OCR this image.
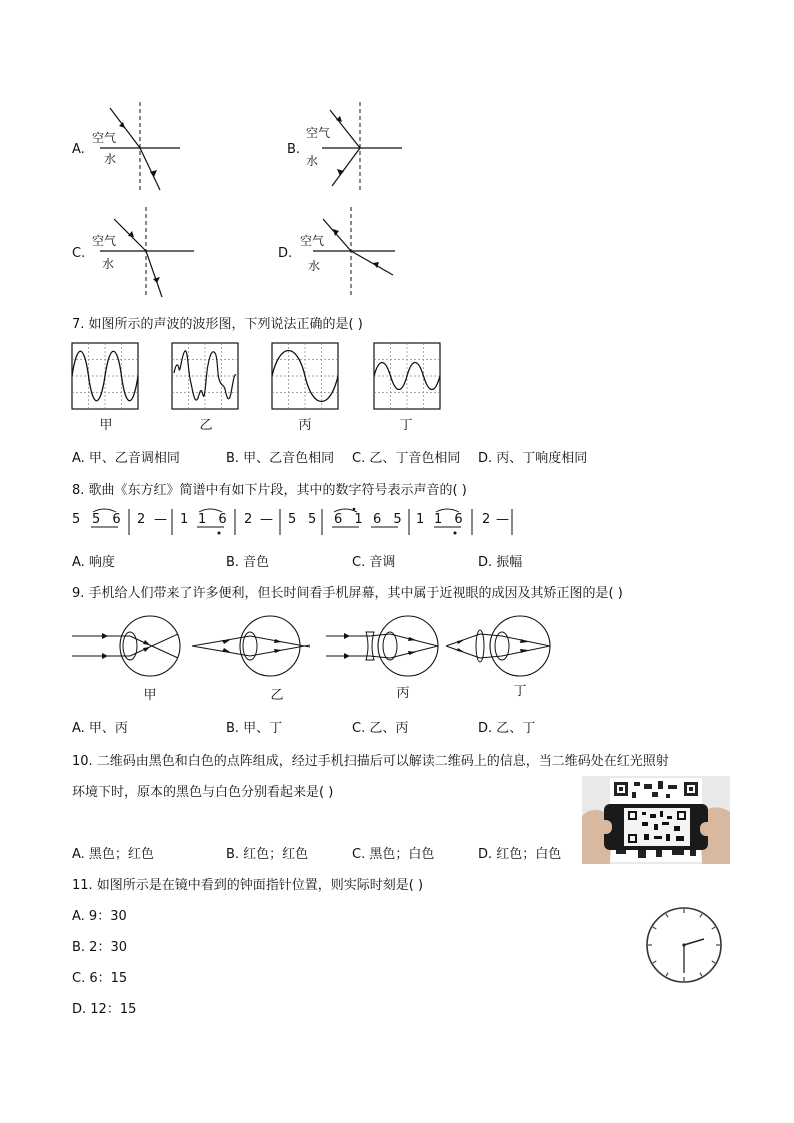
A.
空气
水
B.
空气
水
C.
空气
水
D.
空气
水
7. 如图所示的声波的波形图，下列说法正确的是( )
甲	乙	丙	丁
A. 甲、乙音调相同	B. 甲、乙音色相同 C. 乙、丁音色相同 D. 丙、丁响度相同
8. 歌曲《东方红》简谱中有如下片段，其中的数字符号表示声音的( )
5 5 6 2 — 1 1 6 2 — 5 5 6 1 6 5 1 1 6 2 —
A. 响度	B. 音色	C. 音调	D. 振幅
9. 手机给人们带来了许多便利，但长时间看手机屏幕，其中属于近视眼的成因及其矫正图的是( )
甲	乙	丙	丁
A. 甲、丙	B. 甲、丁	C. 乙、丙	D. 乙、丁
10. 二维码由黑色和白色的点阵组成，经过手机扫描后可以解读二维码上的信息，当二维码处在红光照射
环境下时，原本的黑色与白色分别看起来是( )
A. 黑色；红色	B. 红色；红色	C. 黑色；白色	D. 红色；白色
11. 如图所示是在镜中看到的钟面指针位置，则实际时刻是( )
A. 9：30
B. 2：30
C. 6：15
D. 12：15
